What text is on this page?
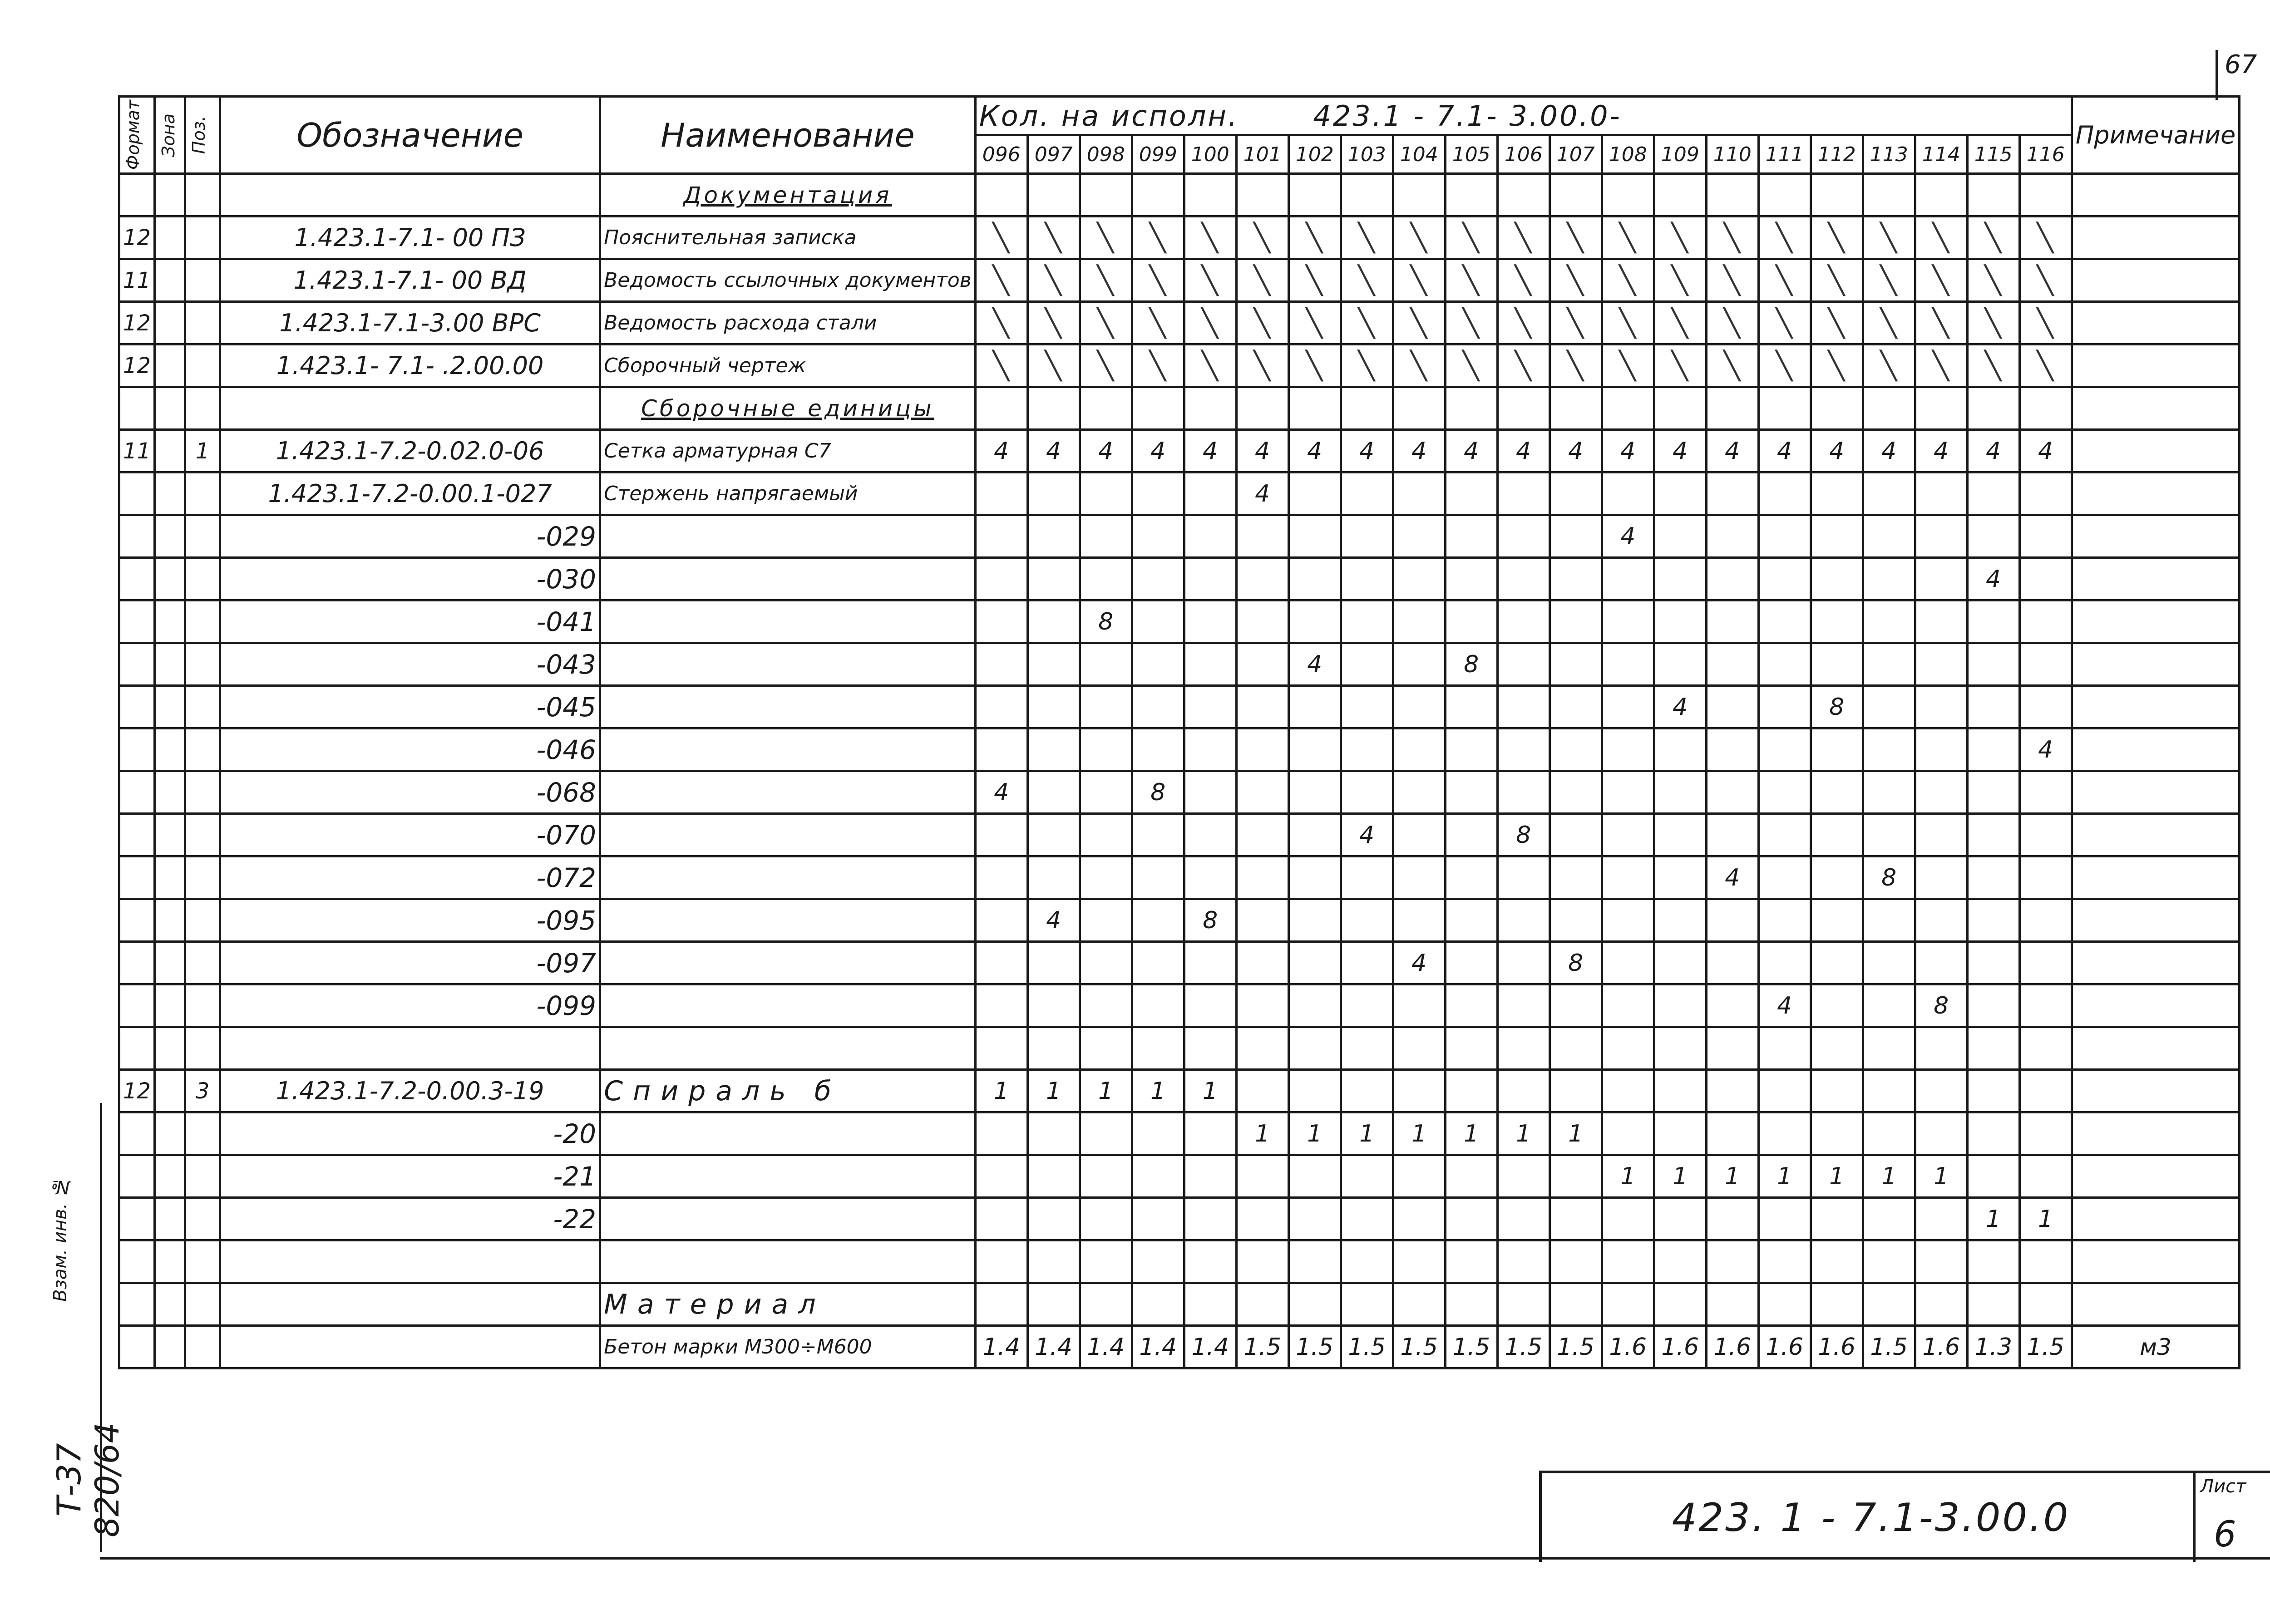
67
Формат	Зона	Поз.	Обозначение	Наименование	Кол. на исполн. 423.1 - 7.1- 3.00.0-																					Примечание
					096	097	098	099	100	101	102	103	104	105	106	107	108	109	110	111	112	113	114	115	116	
				Документация																						
12			1.423.1-7.1- 00 ПЗ	Пояснительная записка	╲	╲	╲	╲	╲	╲	╲	╲	╲	╲	╲	╲	╲	╲	╲	╲	╲	╲	╲	╲	╲	
11			1.423.1-7.1- 00 ВД	Ведомость ссылочных документов	╲	╲	╲	╲	╲	╲	╲	╲	╲	╲	╲	╲	╲	╲	╲	╲	╲	╲	╲	╲	╲	
12			1.423.1-7.1-3.00 ВРС	Ведомость расхода стали	╲	╲	╲	╲	╲	╲	╲	╲	╲	╲	╲	╲	╲	╲	╲	╲	╲	╲	╲	╲	╲	
12			1.423.1- 7.1- .2.00.00	Сборочный чертеж	╲	╲	╲	╲	╲	╲	╲	╲	╲	╲	╲	╲	╲	╲	╲	╲	╲	╲	╲	╲	╲	
				Сборочные единицы																						
11		1	1.423.1-7.2-0.02.0-06	Сетка арматурная С7	4	4	4	4	4	4	4	4	4	4	4	4	4	4	4	4	4	4	4	4	4	
			1.423.1-7.2-0.00.1-027	Стержень напрягаемый						4																
			-029														4									
			-030																					4		
			-041				8																			
			-043								4			8												
			-045															4			8					
			-046																						4	
			-068		4			8																		
			-070									4			8											
			-072																4			8				
			-095			4			8																	
			-097										4			8										
			-099																	4			8			

12		3	1.423.1-7.2-0.00.3-19	Спираль б	1	1	1	1	1																	
			-20							1	1	1	1	1	1	1										
			-21														1	1	1	1	1	1	1			
			-22																					1	1	

				Материал																						
				Бетон марки М300÷М600	1.4	1.4	1.4	1.4	1.4	1.5	1.5	1.5	1.5	1.5	1.5	1.5	1.6	1.6	1.6	1.6	1.6	1.5	1.6	1.3	1.5	м3
Взам. инв. №
Т-37 820/64	423. 1 - 7.1-3.00.0
Лист
6
